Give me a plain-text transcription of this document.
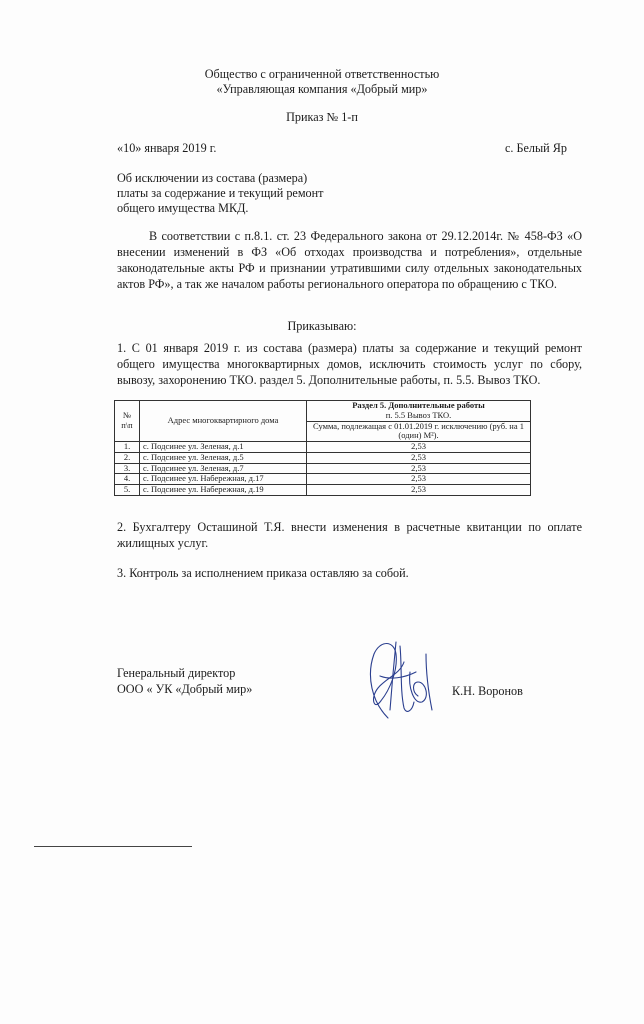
Общество с ограниченной ответственностью
«Управляющая компания «Добрый мир»
Приказ № 1-п
«10» января 2019 г.	с. Белый Яр
Об исключении из состава (размера)
платы за содержание и текущий ремонт
общего имущества МКД.
В соответствии с п.8.1. ст. 23 Федерального закона от 29.12.2014г. № 458-ФЗ «О внесении изменений в ФЗ «Об отходах производства и потребления», отдельные законодательные акты РФ и признании утратившими силу отдельных законодательных актов РФ», а так же началом работы регионального оператора по обращению с ТКО.
Приказываю:
1. С 01 января 2019 г. из состава (размера) платы за содержание и текущий ремонт общего имущества многоквартирных домов, исключить стоимость услуг по сбору, вывозу, захоронению ТКО. раздел 5. Дополнительные работы, п. 5.5. Вывоз ТКО.
№ п\п	Адрес многоквартирного дома	Раздел 5. Дополнительные работы
		п. 5.5 Вывоз ТКО.
		Сумма, подлежащая с 01.01.2019 г. исключению (руб. на 1 (один) М²).
1.	с. Подсинее ул. Зеленая, д.1	2,53
2.	с. Подсинее ул. Зеленая, д.5	2,53
3.	с. Подсинее ул. Зеленая, д.7	2,53
4.	с. Подсинее ул. Набережная, д.17	2,53
5.	с. Подсинее ул. Набережная, д.19	2,53
2. Бухгалтеру Осташиной Т.Я. внести изменения в расчетные квитанции по оплате жилищных услуг.
3. Контроль за исполнением приказа оставляю за собой.
Генеральный директор
ООО « УК «Добрый мир»	К.Н. Воронов
